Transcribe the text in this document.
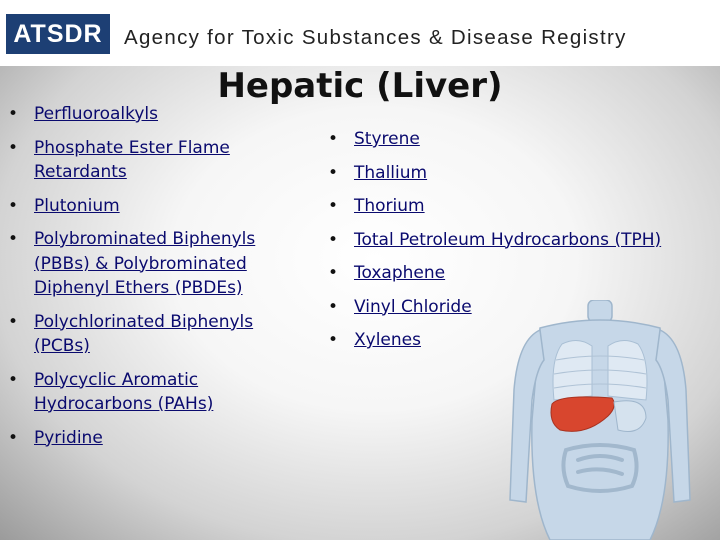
ATSDR	Agency for Toxic Substances & Disease Registry
Hepatic (Liver)
• Perfluoroalkyls
• Phosphate Ester Flame Retardants
• Plutonium
• Polybrominated Biphenyls (PBBs) & Polybrominated Diphenyl Ethers (PBDEs)
• Polychlorinated Biphenyls (PCBs)
• Polycyclic Aromatic Hydrocarbons (PAHs)
• Pyridine
• Styrene
• Thallium
• Thorium
• Total Petroleum Hydrocarbons (TPH)
• Toxaphene
• Vinyl Chloride
• Xylenes
